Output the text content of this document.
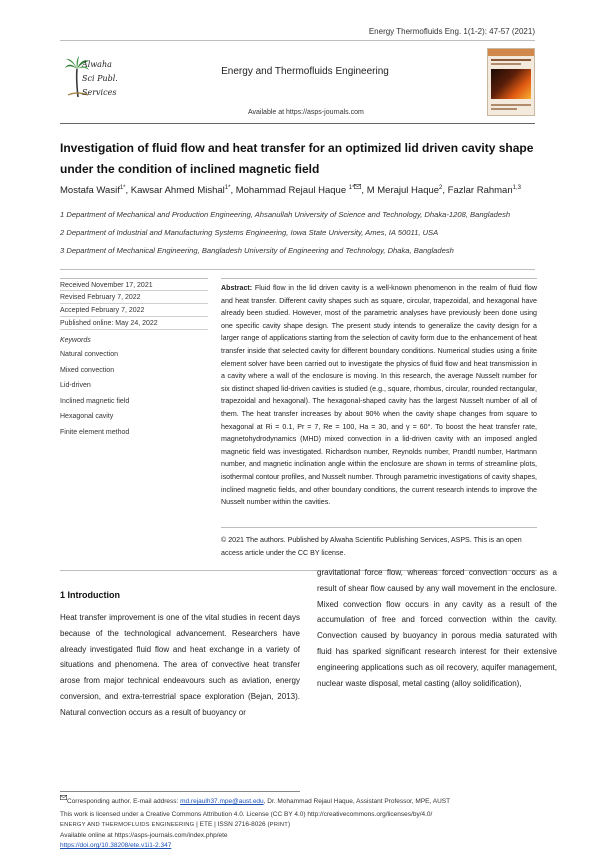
Energy Thermofluids Eng. 1(1-2): 47-57 (2021)
Alwaha
Sci Publ.
Services
Energy and Thermofluids Engineering
Available at https://asps-journals.com
Investigation of fluid flow and heat transfer for an optimized lid driven cavity shape under the condition of inclined magnetic field
Mostafa Wasif$^{1*}$, Kawsar Ahmed Mishal$^{1*}$, Mohammad Rejaul Haque $^{1*}$ , M Merajul Haque$^2$, Fazlar Rahman$^{1,3}$
1 Department of Mechanical and Production Engineering, Ahsanullah University of Science and Technology, Dhaka-1208, Bangladesh
2 Department of Industrial and Manufacturing Systems Engineering, Iowa State University, Ames, IA 50011, USA
3 Department of Mechanical Engineering, Bangladesh University of Engineering and Technology, Dhaka, Bangladesh
Received November 17, 2021
Revised February 7, 2022
Accepted February 7, 2022
Published online: May 24, 2022
Keywords
Natural convection
Mixed convection
Lid-driven
Inclined magnetic field
Hexagonal cavity
Finite element method

Abstract: Fluid flow in the lid driven cavity is a well-known phenomenon in the realm of fluid flow and heat transfer. Different cavity shapes such as square, circular, trapezoidal, and hexagonal have already been studied. However, most of the parametric analyses have previously been done using one specific cavity shape design. The present study intends to generalize the cavity design for a larger range of applications starting from the selection of cavity form due to the enhancement of heat transfer inside that selected cavity for different boundary conditions. Numerical studies using a finite element solver have been carried out to investigate the physics of fluid flow and heat transmission in a cavity where a wall of the enclosure is moving. In this research, the average Nusselt number for six distinct shaped lid-driven cavities is studied (e.g., square, rhombus, circular, rounded rectangular, trapezoidal and hexagonal). The hexagonal-shaped cavity has the largest Nusselt number of all of them. The heat transfer increases by about 90% when the cavity shape changes from square to hexagonal at Ri = 0.1, Pr = 7, Re = 100, Ha = 30, and γ = 60°. To boost the heat transfer rate, magnetohydrodynamics (MHD) mixed convection in a lid-driven cavity with an imposed angled magnetic field was investigated. Richardson number, Reynolds number, Prandtl number, Hartmann number, and magnetic inclination angle within the enclosure are shown in terms of streamline plots, isothermal contour profiles, and Nusselt number. Through parametric investigations of cavity shapes, inclined magnetic fields, and other boundary conditions, the current research intends to improve the Nusselt number within the cavities.

© 2021 The authors. Published by Alwaha Scientific Publishing Services, ASPS. This is an open access article under the CC BY license.

1 Introduction

Heat transfer improvement is one of the vital studies in recent days because of the technological advancement. Researchers have already investigated fluid flow and heat exchange in a variety of situations and phenomena. The area of convective heat transfer arose from major technical endeavours such as aviation, energy conversion, and extra-terrestrial space exploration (Bejan, 2013). Natural convection occurs as a result of buoyancy or

gravitational force flow, whereas forced convection occurs as a result of shear flow caused by any wall movement in the enclosure. Mixed convection flow occurs in any cavity as a result of the accumulation of free and forced convection within the cavity. Convection caused by buoyancy in porous media saturated with fluid has sparked significant research interest for their extensive engineering applications such as oil recovery, aquifer management, nuclear waste disposal, metal casting (alloy solidification),

Corresponding author. E-mail address: md.rejaulh37.mpe@aust.edu, Dr. Mohammad Rejaul Haque, Assistant Professor, MPE, AUST
This work is licensed under a Creative Commons Attribution 4.0. License (CC BY 4.0) http://creativecommons.org/licenses/by/4.0/
ENERGY AND THERMOFLUIDS ENGINEERING | ETE | ISSN 2716-8026 (PRINT)
Available online at https://asps-journals.com/index.php/ete
https://doi.org/10.38208/ete.v1i1-2.347
